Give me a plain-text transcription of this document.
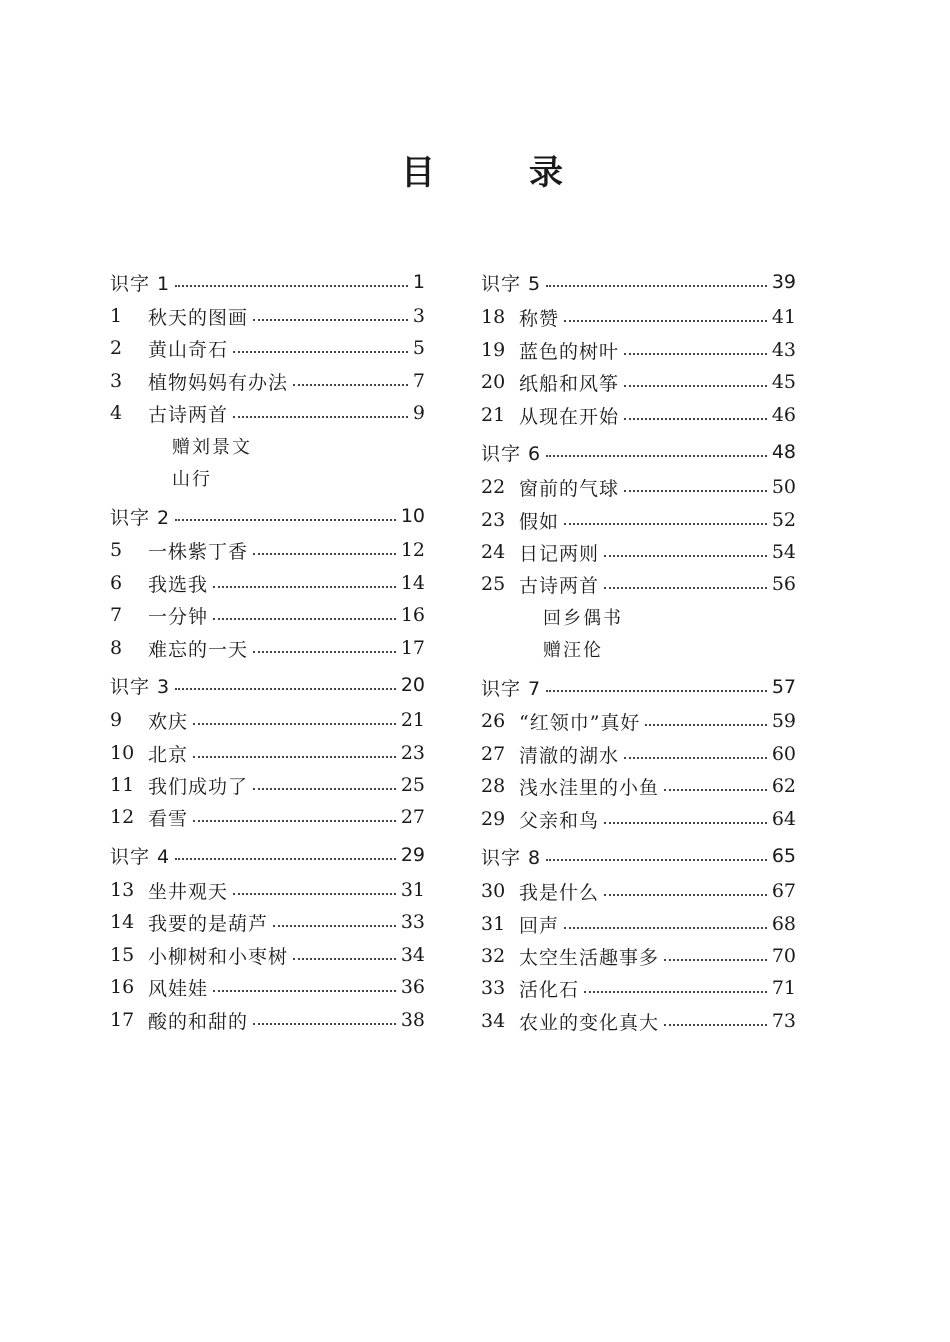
目	录
识字 1	1
1	秋天的图画	3
2	黄山奇石	5
3	植物妈妈有办法	7
4	古诗两首	9
赠刘景文
山行
识字 2	10
5	一株紫丁香	12
6	我选我	14
7	一分钟	16
8	难忘的一天	17
识字 3	20
9	欢庆	21
10 北京	23
11 我们成功了	25
12 看雪	27
识字 4	29
13 坐井观天	31
14 我要的是葫芦	33
15 小柳树和小枣树	34
16 风娃娃	36
17 酸的和甜的	38
识字 5	39
18 称赞	41
19 蓝色的树叶	43
20 纸船和风筝	45
21 从现在开始	46
识字 6	48
22 窗前的气球	50
23 假如	52
24 日记两则	54
25 古诗两首	56
回乡偶书
赠汪伦
识字 7	57
26 “红领巾”真好	59
27 清澈的湖水	60
28 浅水洼里的小鱼	62
29 父亲和鸟	64
识字 8	65
30 我是什么	67
31 回声	68
32 太空生活趣事多	70
33 活化石	71
34 农业的变化真大	73
